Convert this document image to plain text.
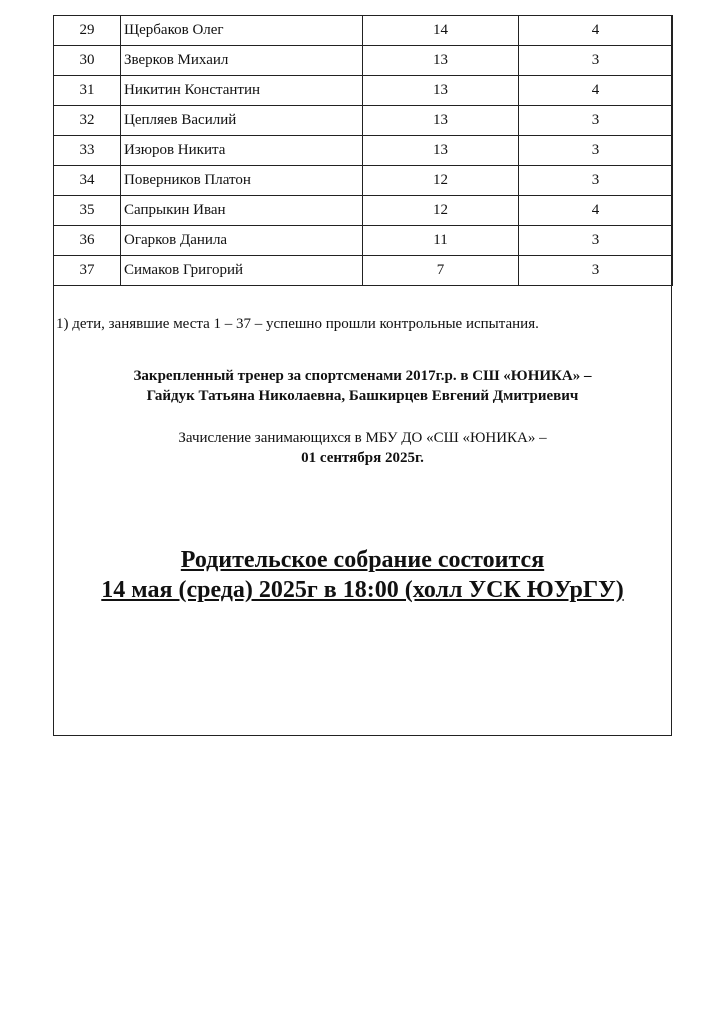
29	Щербаков Олег	14	4
30	Зверков Михаил	13	3
31	Никитин Константин	13	4
32	Цепляев Василий	13	3
33	Изюров Никита	13	3
34	Поверников Платон	12	3
35	Сапрыкин Иван	12	4
36	Огарков Данила	11	3
37	Симаков Григорий	7	3
1) дети, занявшие места 1 – 37 – успешно прошли контрольные испытания.
Закрепленный тренер за спортсменами 2017г.р. в СШ «ЮНИКА» –
Гайдук Татьяна Николаевна, Башкирцев Евгений Дмитриевич
Зачисление занимающихся в МБУ ДО «СШ «ЮНИКА» –
01 сентября 2025г.
Родительское собрание состоится
14 мая (среда) 2025г в 18:00 (холл УСК ЮУрГУ)
